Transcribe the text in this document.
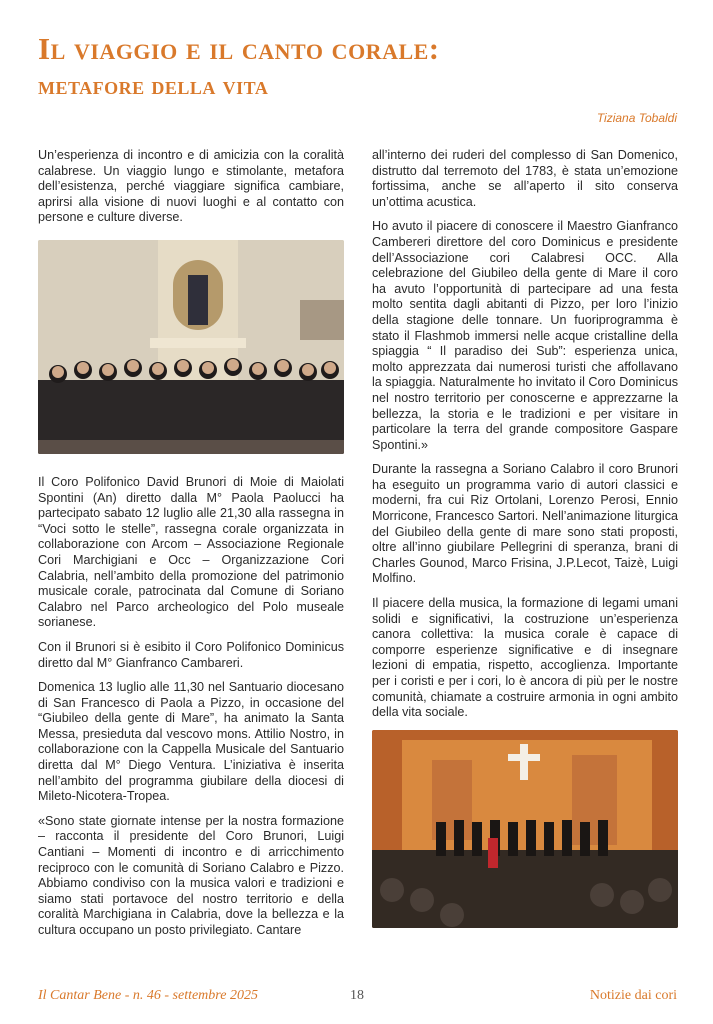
Il viaggio e il canto corale:
metafore della vita
Tiziana Tobaldi

Un’esperienza di incontro e di amicizia con la coralità calabrese. Un viaggio lungo e stimolante, metafora dell’esistenza, perché viaggiare significa cambiare, aprirsi alla visione di nuovi luoghi e al contatto con persone e culture diverse.

Il Coro Polifonico David Brunori di Moie di Maiolati Spontini (An) diretto dalla M° Paola Paolucci ha partecipato sabato 12 luglio alle 21,30 alla rassegna in “Voci sotto le stelle”, rassegna corale organizzata in collaborazione con Arcom – Associazione Regionale Cori Marchigiani e Occ – Organizzazione Cori Calabria, nell’ambito della promozione del patrimonio musicale corale, patrocinata dal Comune di Soriano Calabro nel Parco archeologico del Polo museale sorianese.

Con il Brunori si è esibito il Coro Polifonico Dominicus diretto dal M° Gianfranco Cambareri.

Domenica 13 luglio alle 11,30 nel Santuario diocesano di San Francesco di Paola a Pizzo, in occasione del “Giubileo della gente di Mare”, ha animato la Santa Messa, presieduta dal vescovo mons. Attilio Nostro, in collaborazione con la Cappella Musicale del Santuario diretta dal M° Diego Ventura. L’iniziativa è inserita nell’ambito del programma giubilare della diocesi di Mileto-Nicotera-Tropea.

«Sono state giornate intense per la nostra formazione – racconta il presidente del Coro Brunori, Luigi Cantiani – Momenti di incontro e di arricchimento reciproco con le comunità di Soriano Calabro e Pizzo. Abbiamo condiviso con la musica valori e tradizioni e siamo stati portavoce del nostro territorio e della coralità Marchigiana in Calabria, dove la bellezza e la cultura occupano un posto privilegiato. Cantare

all’interno dei ruderi del complesso di San Domenico, distrutto dal terremoto del 1783, è stata un’emozione fortissima, anche se all’aperto il sito conserva un’ottima acustica.

Ho avuto il piacere di conoscere il Maestro Gianfranco Cambereri direttore del coro Dominicus e presidente dell’Associazione cori Calabresi OCC. Alla celebrazione del Giubileo della gente di Mare il coro ha avuto l’opportunità di partecipare ad una festa molto sentita dagli abitanti di Pizzo, per loro l’inizio della stagione delle tonnare. Un fuoriprogramma è stato il Flashmob immersi nelle acque cristalline della spiaggia “ Il paradiso dei Sub”: esperienza unica, molto apprezzata dai numerosi turisti che affollavano la spiaggia. Naturalmente ho invitato il Coro Dominicus nel nostro territorio per conoscerne e apprezzarne la bellezza, la storia e le tradizioni e per visitare in particolare la terra del grande compositore Gaspare Spontini.»

Durante la rassegna a Soriano Calabro il coro Brunori ha eseguito un programma vario di autori classici e moderni, fra cui Riz Ortolani, Lorenzo Perosi, Ennio Morricone, Francesco Sartori. Nell’animazione liturgica del Giubileo della gente di mare sono stati proposti, oltre all’inno giubilare Pellegrini di speranza, brani di Charles Gounod, Marco Frisina, J.P.Lecot, Taizè, Luigi Molfino.

Il piacere della musica, la formazione di legami umani solidi e significativi, la costruzione un’esperienza canora collettiva: la musica corale è capace di comporre esperienze significative e di insegnare lezioni di empatia, rispetto, accoglienza. Importante per i coristi e per i cori, lo è ancora di più per le nostre comunità, chiamate a costruire armonia in ogni ambito della vita sociale.

Il Cantar Bene - n. 46 - settembre 2025	18	Notizie dai cori
